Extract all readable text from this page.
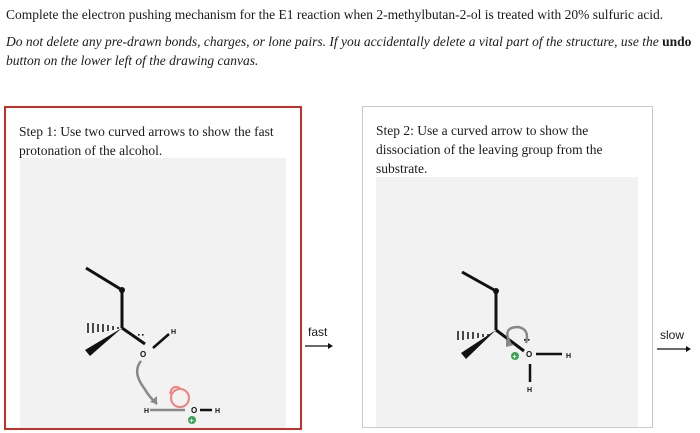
Complete the electron pushing mechanism for the E1 reaction when 2-methylbutan-2-ol is treated with 20% sulfuric acid.
Do not delete any pre-drawn bonds, charges, or lone pairs. If you accidentally delete a vital part of the structure, use the undo button on the lower left of the drawing canvas.
Step 1: Use two curved arrows to show the fast protonation of the alcohol.
O
:	H
H	O	H
+
fast
Step 2: Use a curved arrow to show the dissociation of the leaving group from the substrate.
O
:
+	H
H
slow
